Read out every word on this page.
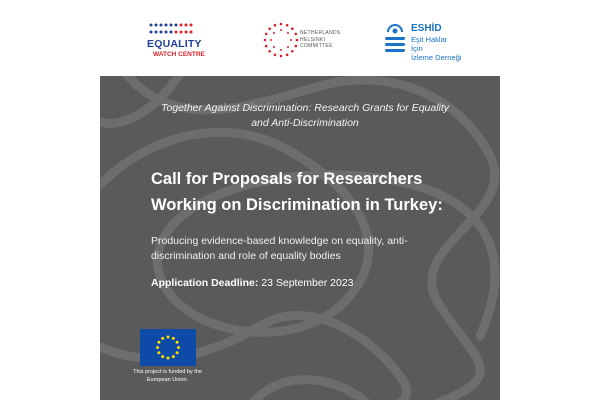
EQUALITY
WATCH CENTRE
NETHERLANDS
HELSINKI
COMMITTEE
ESHİD
Eşit Haklar
İçin
İzleme Derneği
Together Against Discrimination: Research Grants for Equality and Anti-Discrimination
Call for Proposals for Researchers
Working on Discrimination in Turkey:
Producing evidence-based knowledge on equality, anti-discrimination and role of equality bodies
Application Deadline: 23 September 2023
This project is funded by the European Union.
